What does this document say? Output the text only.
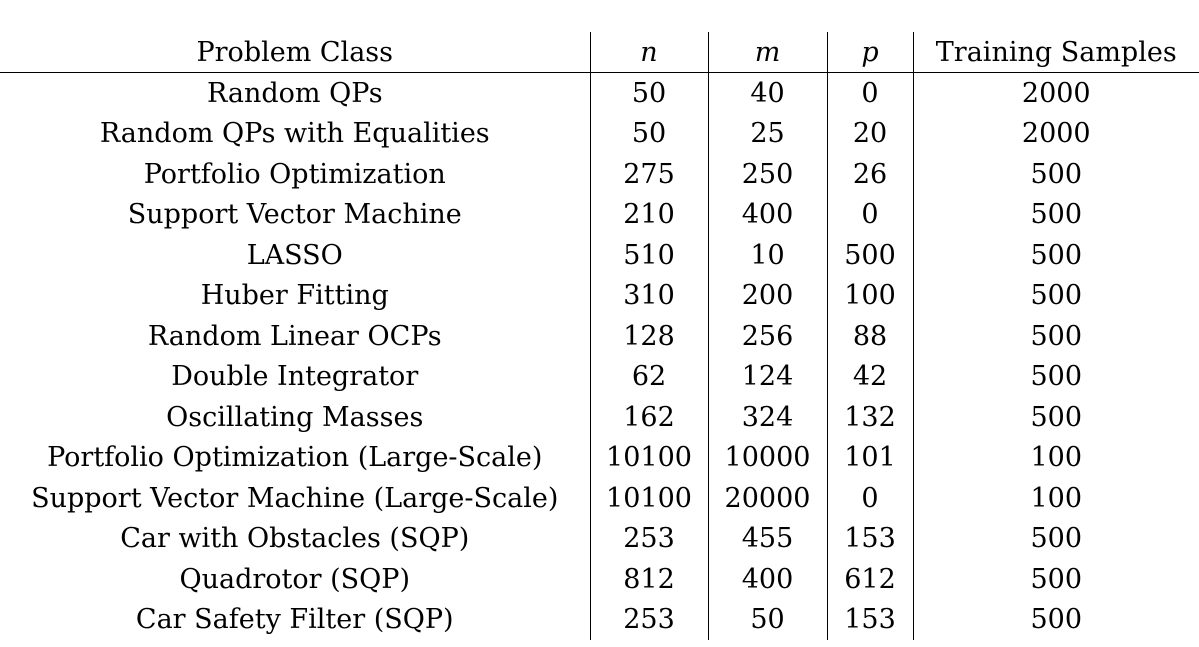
Problem Class	n	m	p	Training Samples
Random QPs	50	40	0	2000
Random QPs with Equalities	50	25	20	2000
Portfolio Optimization	275	250	26	500
Support Vector Machine	210	400	0	500
LASSO	510	10	500	500
Huber Fitting	310	200	100	500
Random Linear OCPs	128	256	88	500
Double Integrator	62	124	42	500
Oscillating Masses	162	324	132	500
Portfolio Optimization (Large-Scale)	10100	10000	101	100
Support Vector Machine (Large-Scale)	10100	20000	0	100
Car with Obstacles (SQP)	253	455	153	500
Quadrotor (SQP)	812	400	612	500
Car Safety Filter (SQP)	253	50	153	500
